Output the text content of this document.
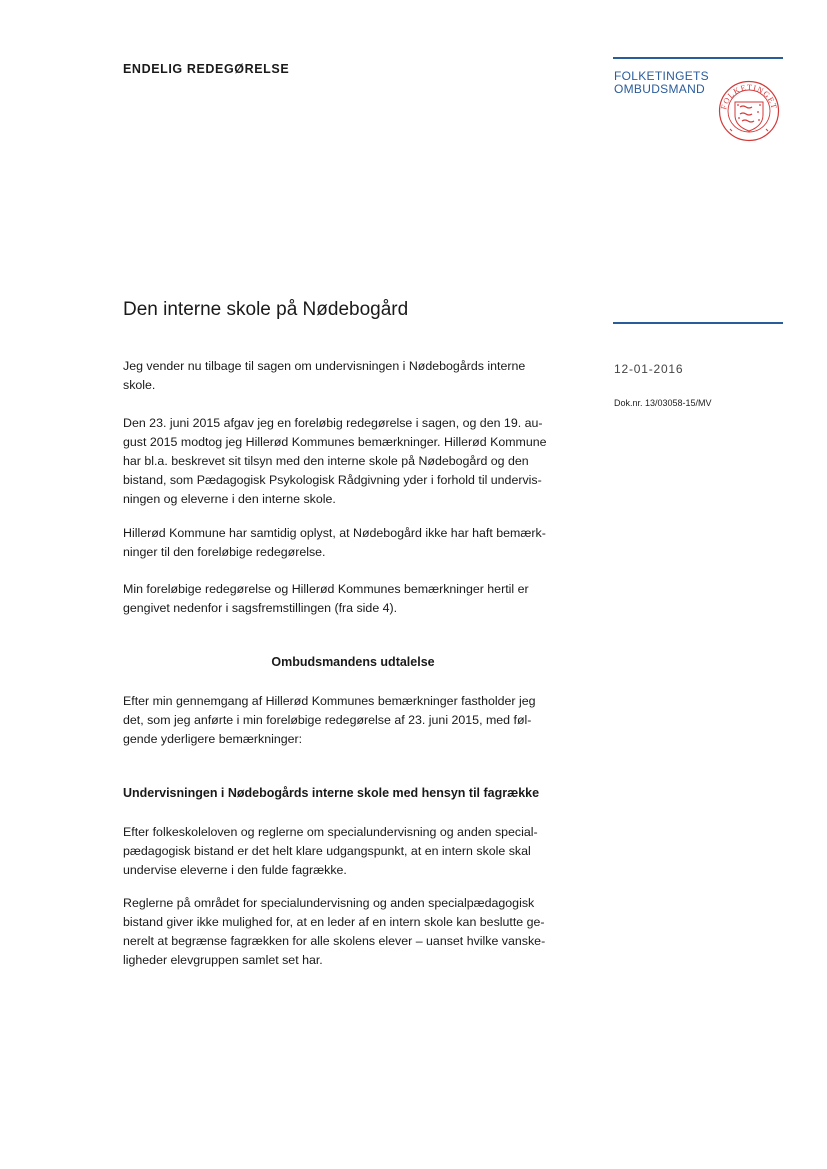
ENDELIG REDEGØRELSE	FOLKETINGETS
OMBUDSMAND
FOLKETINGET
Den interne skole på Nødebogård
12-01-2016
Dok.nr. 13/03058-15/MV
Jeg vender nu tilbage til sagen om undervisningen i Nødebogårds interne
skole.
Den 23. juni 2015 afgav jeg en foreløbig redegørelse i sagen, og den 19. au-
gust 2015 modtog jeg Hillerød Kommunes bemærkninger. Hillerød Kommune
har bl.a. beskrevet sit tilsyn med den interne skole på Nødebogård og den
bistand, som Pædagogisk Psykologisk Rådgivning yder i forhold til undervis-
ningen og eleverne i den interne skole.
Hillerød Kommune har samtidig oplyst, at Nødebogård ikke har haft bemærk-
ninger til den foreløbige redegørelse.
Min foreløbige redegørelse og Hillerød Kommunes bemærkninger hertil er
gengivet nedenfor i sagsfremstillingen (fra side 4).
Ombudsmandens udtalelse
Efter min gennemgang af Hillerød Kommunes bemærkninger fastholder jeg
det, som jeg anførte i min foreløbige redegørelse af 23. juni 2015, med føl-
gende yderligere bemærkninger:
Undervisningen i Nødebogårds interne skole med hensyn til fagrække
Efter folkeskoleloven og reglerne om specialundervisning og anden special-
pædagogisk bistand er det helt klare udgangspunkt, at en intern skole skal
undervise eleverne i den fulde fagrække.
Reglerne på området for specialundervisning og anden specialpædagogisk
bistand giver ikke mulighed for, at en leder af en intern skole kan beslutte ge-
nerelt at begrænse fagrækken for alle skolens elever – uanset hvilke vanske-
ligheder elevgruppen samlet set har.
